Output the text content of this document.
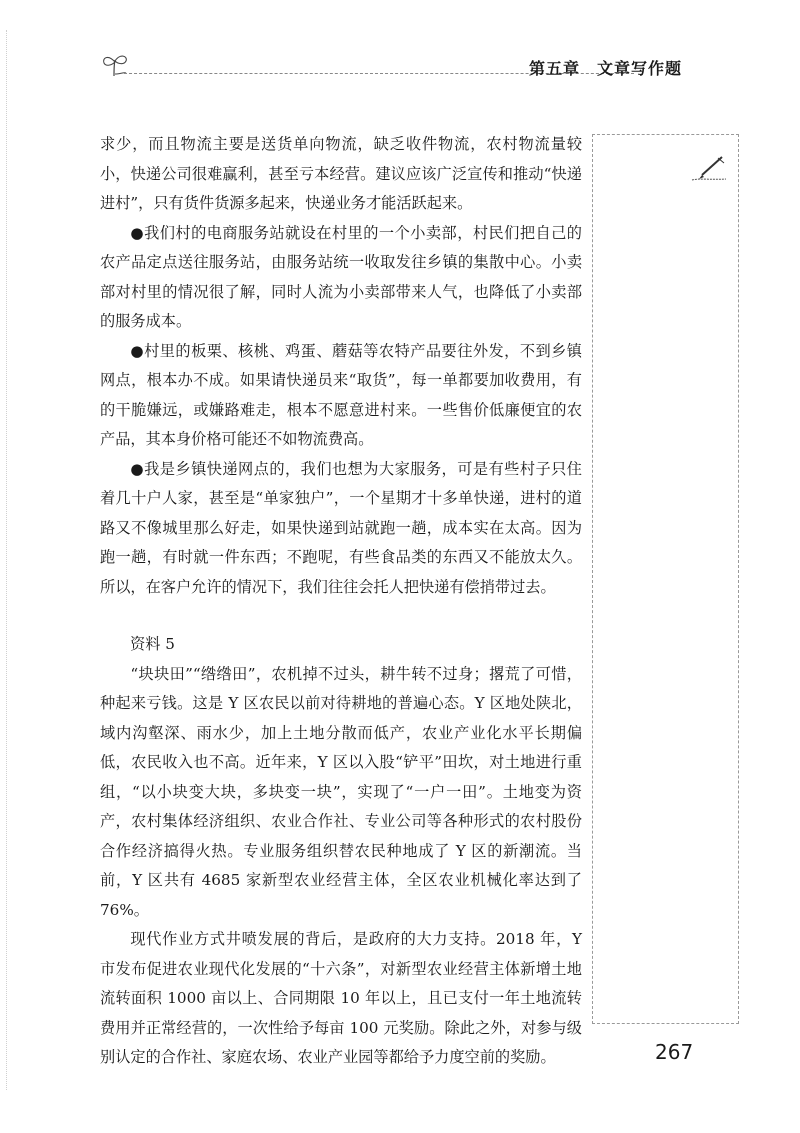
第五章　文章写作题

求少，而且物流主要是送货单向物流，缺乏收件物流，农村物流量较小，快递公司很难赢利，甚至亏本经营。建议应该广泛宣传和推动“快递进村”，只有货件货源多起来，快递业务才能活跃起来。

●我们村的电商服务站就设在村里的一个小卖部，村民们把自己的农产品定点送往服务站，由服务站统一收取发往乡镇的集散中心。小卖部对村里的情况很了解，同时人流为小卖部带来人气，也降低了小卖部的服务成本。

●村里的板栗、核桃、鸡蛋、蘑菇等农特产品要往外发，不到乡镇网点，根本办不成。如果请快递员来“取货”，每一单都要加收费用，有的干脆嫌远，或嫌路难走，根本不愿意进村来。一些售价低廉便宜的农产品，其本身价格可能还不如物流费高。

●我是乡镇快递网点的，我们也想为大家服务，可是有些村子只住着几十户人家，甚至是“单家独户”，一个星期才十多单快递，进村的道路又不像城里那么好走，如果快递到站就跑一趟，成本实在太高。因为跑一趟，有时就一件东西；不跑呢，有些食品类的东西又不能放太久。所以，在客户允许的情况下，我们往往会托人把快递有偿捎带过去。

资料 5

“块块田”“绺绺田”，农机掉不过头，耕牛转不过身；撂荒了可惜，种起来亏钱。这是 Y 区农民以前对待耕地的普遍心态。Y 区地处陕北，域内沟壑深、雨水少，加上土地分散而低产，农业产业化水平长期偏低，农民收入也不高。近年来，Y 区以入股“铲平”田坎，对土地进行重组，“以小块变大块，多块变一块”，实现了“一户一田”。土地变为资产，农村集体经济组织、农业合作社、专业公司等各种形式的农村股份合作经济搞得火热。专业服务组织替农民种地成了 Y 区的新潮流。当前，Y 区共有 4685 家新型农业经营主体，全区农业机械化率达到了 76%。

现代作业方式井喷发展的背后，是政府的大力支持。2018 年，Y 市发布促进农业现代化发展的“十六条”，对新型农业经营主体新增土地流转面积 1000 亩以上、合同期限 10 年以上，且已支付一年土地流转费用并正常经营的，一次性给予每亩 100 元奖励。除此之外，对参与级别认定的合作社、家庭农场、农业产业园等都给予力度空前的奖励。	267
